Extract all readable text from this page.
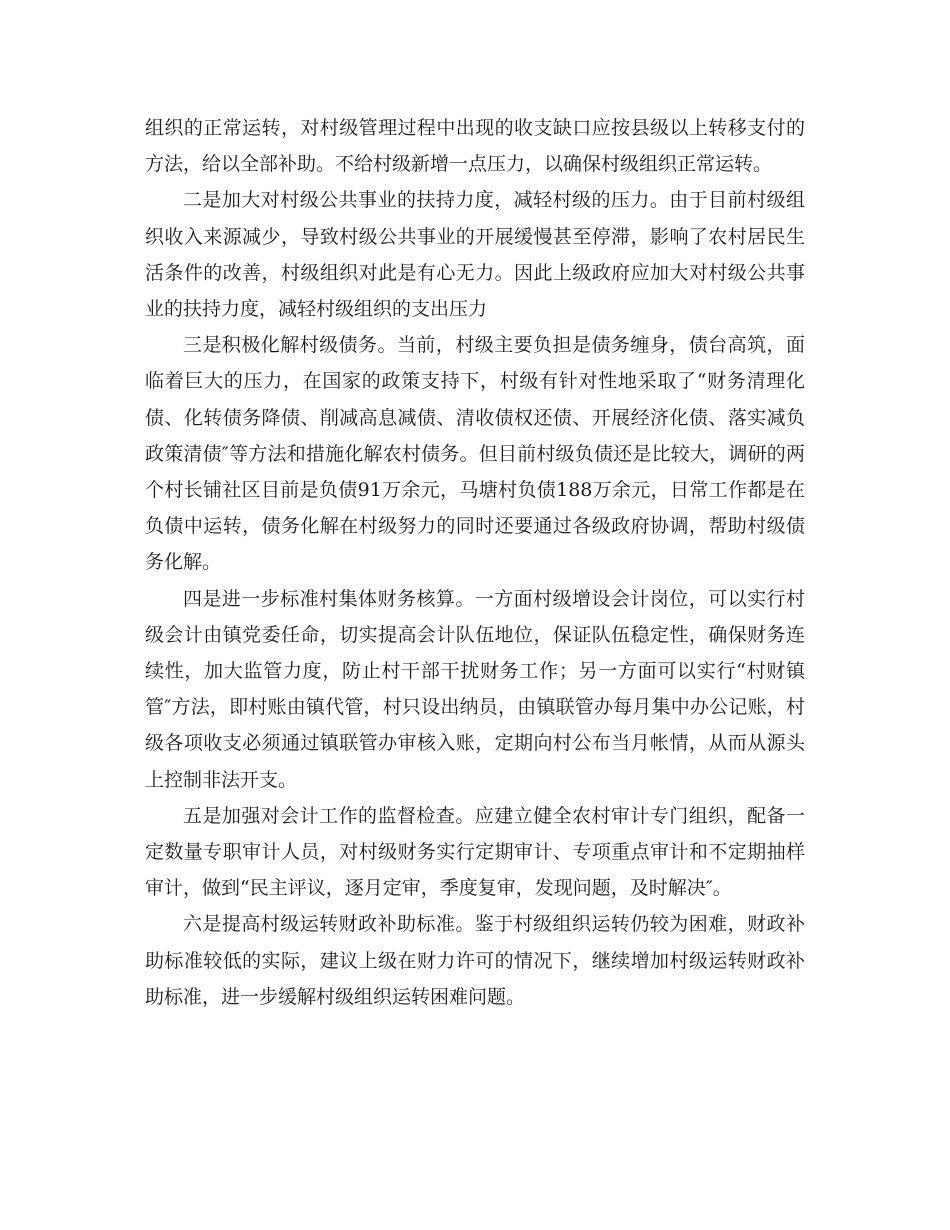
组织的正常运转，对村级管理过程中出现的收支缺口应按县级以上转移支付的方法，给以全部补助。不给村级新增一点压力，以确保村级组织正常运转。

二是加大对村级公共事业的扶持力度，减轻村级的压力。由于目前村级组织收入来源减少，导致村级公共事业的开展缓慢甚至停滞，影响了农村居民生活条件的改善，村级组织对此是有心无力。因此上级政府应加大对村级公共事业的扶持力度，减轻村级组织的支出压力

三是积极化解村级债务。当前，村级主要负担是债务缠身，债台高筑，面临着巨大的压力，在国家的政策支持下，村级有针对性地采取了“财务清理化债、化转债务降债、削减高息减债、清收债权还债、开展经济化债、落实减负政策清债″等方法和措施化解农村债务。但目前村级负债还是比较大，调研的两个村长铺社区目前是负债91万余元，马塘村负债188万余元，日常工作都是在负债中运转，债务化解在村级努力的同时还要通过各级政府协调，帮助村级债务化解。

四是进一步标准村集体财务核算。一方面村级增设会计岗位，可以实行村级会计由镇党委任命，切实提高会计队伍地位，保证队伍稳定性，确保财务连续性，加大监管力度，防止村干部干扰财务工作；另一方面可以实行“村财镇管″方法，即村账由镇代管，村只设出纳员，由镇联管办每月集中办公记账，村级各项收支必须通过镇联管办审核入账，定期向村公布当月帐情，从而从源头上控制非法开支。

五是加强对会计工作的监督检查。应建立健全农村审计专门组织，配备一定数量专职审计人员，对村级财务实行定期审计、专项重点审计和不定期抽样审计，做到“民主评议，逐月定审，季度复审，发现问题，及时解决″。

六是提高村级运转财政补助标准。鉴于村级组织运转仍较为困难，财政补助标准较低的实际，建议上级在财力许可的情况下，继续增加村级运转财政补助标准，进一步缓解村级组织运转困难问题。
